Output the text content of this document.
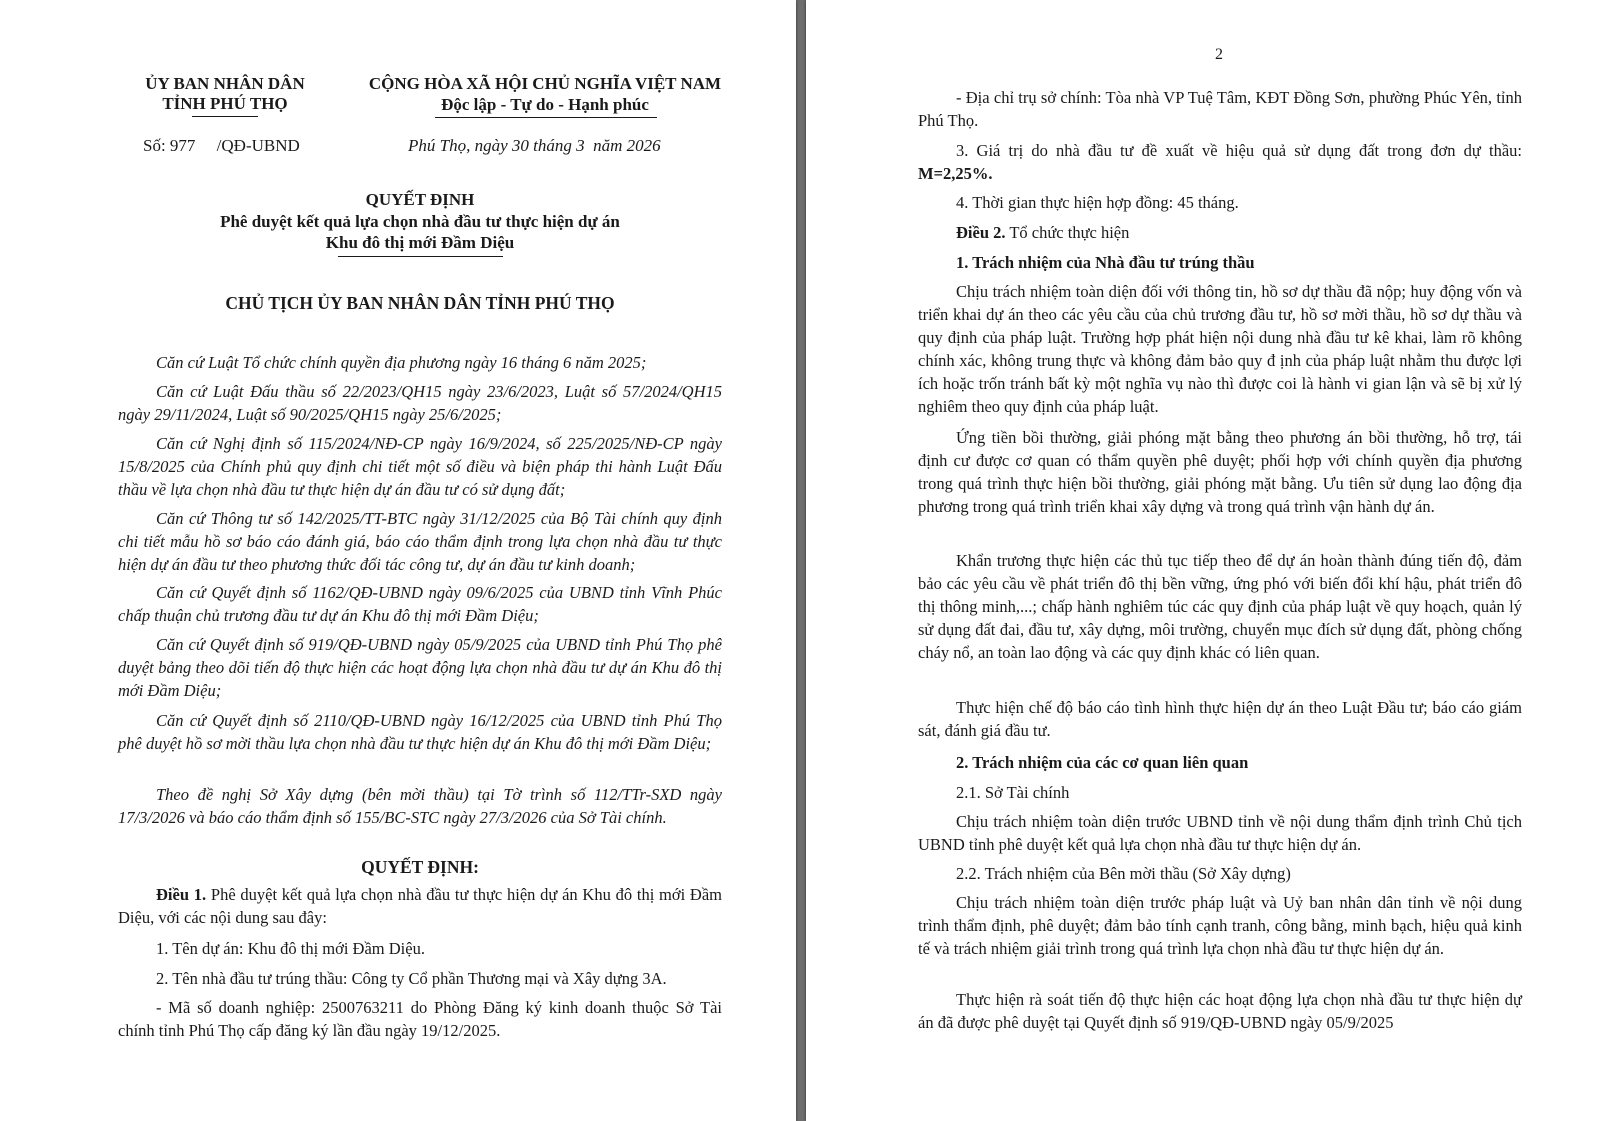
ỦY BAN NHÂN DÂN
TỈNH PHÚ THỌ
CỘNG HÒA XÃ HỘI CHỦ NGHĨA VIỆT NAM
Độc lập - Tự do - Hạnh phúc
Số: 977     /QĐ-UBND	Phú Thọ, ngày 30 tháng 3  năm 2026
QUYẾT ĐỊNH
Phê duyệt kết quả lựa chọn nhà đầu tư thực hiện dự án
Khu đô thị mới Đầm Diệu
CHỦ TỊCH ỦY BAN NHÂN DÂN TỈNH PHÚ THỌ
Căn cứ Luật Tổ chức chính quyền địa phương ngày 16 tháng 6 năm 2025;
Căn cứ Luật Đấu thầu số 22/2023/QH15 ngày 23/6/2023, Luật số 57/2024/QH15 ngày 29/11/2024, Luật số 90/2025/QH15 ngày 25/6/2025;
Căn cứ Nghị định số 115/2024/NĐ-CP ngày 16/9/2024, số 225/2025/NĐ-CP ngày 15/8/2025 của Chính phủ quy định chi tiết một số điều và biện pháp thi hành Luật Đấu thầu về lựa chọn nhà đầu tư thực hiện dự án đầu tư có sử dụng đất;
Căn cứ Thông tư số 142/2025/TT-BTC ngày 31/12/2025 của Bộ Tài chính quy định chi tiết mẫu hồ sơ báo cáo đánh giá, báo cáo thẩm định trong lựa chọn nhà đầu tư thực hiện dự án đầu tư theo phương thức đối tác công tư, dự án đầu tư kinh doanh;
Căn cứ Quyết định số 1162/QĐ-UBND ngày 09/6/2025 của UBND tỉnh Vĩnh Phúc chấp thuận chủ trương đầu tư dự án Khu đô thị mới Đầm Diệu;
Căn cứ Quyết định số 919/QĐ-UBND ngày 05/9/2025 của UBND tỉnh Phú Thọ phê duyệt bảng theo dõi tiến độ thực hiện các hoạt động lựa chọn nhà đầu tư dự án Khu đô thị mới Đầm Diệu;
Căn cứ Quyết định số 2110/QĐ-UBND ngày 16/12/2025 của UBND tỉnh Phú Thọ phê duyệt hồ sơ mời thầu lựa chọn nhà đầu tư thực hiện dự án Khu đô thị mới Đầm Diệu;
Theo đề nghị Sở Xây dựng (bên mời thầu) tại Tờ trình số 112/TTr-SXD ngày 17/3/2026 và báo cáo thẩm định số 155/BC-STC ngày 27/3/2026 của Sở Tài chính.
QUYẾT ĐỊNH:
Điều 1. Phê duyệt kết quả lựa chọn nhà đầu tư thực hiện dự án Khu đô thị mới Đầm Diệu, với các nội dung sau đây:
1. Tên dự án: Khu đô thị mới Đầm Diệu.
2. Tên nhà đầu tư trúng thầu: Công ty Cổ phần Thương mại và Xây dựng 3A.
- Mã số doanh nghiệp: 2500763211 do Phòng Đăng ký kinh doanh thuộc Sở Tài chính tỉnh Phú Thọ cấp đăng ký lần đầu ngày 19/12/2025.
2
- Địa chỉ trụ sở chính: Tòa nhà VP Tuệ Tâm, KĐT Đồng Sơn, phường Phúc Yên, tỉnh Phú Thọ.
3. Giá trị do nhà đầu tư đề xuất về hiệu quả sử dụng đất trong đơn dự thầu: M=2,25%.
4. Thời gian thực hiện hợp đồng: 45 tháng.
Điều 2. Tổ chức thực hiện
1. Trách nhiệm của Nhà đầu tư trúng thầu
Chịu trách nhiệm toàn diện đối với thông tin, hồ sơ dự thầu đã nộp; huy động vốn và triển khai dự án theo các yêu cầu của chủ trương đầu tư, hồ sơ mời thầu, hồ sơ dự thầu và quy định của pháp luật. Trường hợp phát hiện nội dung nhà đầu tư kê khai, làm rõ không chính xác, không trung thực và không đảm bảo quy đ ịnh của pháp luật nhằm thu được lợi ích hoặc trốn tránh bất kỳ một nghĩa vụ nào thì được coi là hành vi gian lận và sẽ bị xử lý nghiêm theo quy định của pháp luật.
Ứng tiền bồi thường, giải phóng mặt bằng theo phương án bồi thường, hỗ trợ, tái định cư được cơ quan có thẩm quyền phê duyệt; phối hợp với chính quyền địa phương trong quá trình thực hiện bồi thường, giải phóng mặt bằng. Ưu tiên sử dụng lao động địa phương trong quá trình triển khai xây dựng và trong quá trình vận hành dự án.
Khẩn trương thực hiện các thủ tục tiếp theo để dự án hoàn thành đúng tiến độ, đảm bảo các yêu cầu về phát triển đô thị bền vững, ứng phó với biến đổi khí hậu, phát triển đô thị thông minh,...; chấp hành nghiêm túc các quy định của pháp luật về quy hoạch, quản lý sử dụng đất đai, đầu tư, xây dựng, môi trường, chuyển mục đích sử dụng đất, phòng chống cháy nổ, an toàn lao động và các quy định khác có liên quan.
Thực hiện chế độ báo cáo tình hình thực hiện dự án theo Luật Đầu tư; báo cáo giám sát, đánh giá đầu tư.
2. Trách nhiệm của các cơ quan liên quan
2.1. Sở Tài chính
Chịu trách nhiệm toàn diện trước UBND tỉnh về nội dung thẩm định trình Chủ tịch UBND tỉnh phê duyệt kết quả lựa chọn nhà đầu tư thực hiện dự án.
2.2. Trách nhiệm của Bên mời thầu (Sở Xây dựng)
Chịu trách nhiệm toàn diện trước pháp luật và Uỷ ban nhân dân tỉnh về nội dung trình thẩm định, phê duyệt; đảm bảo tính cạnh tranh, công bằng, minh bạch, hiệu quả kinh tế và trách nhiệm giải trình trong quá trình lựa chọn nhà đầu tư thực hiện dự án.
Thực hiện rà soát tiến độ thực hiện các hoạt động lựa chọn nhà đầu tư thực hiện dự án đã được phê duyệt tại Quyết định số 919/QĐ-UBND ngày 05/9/2025
